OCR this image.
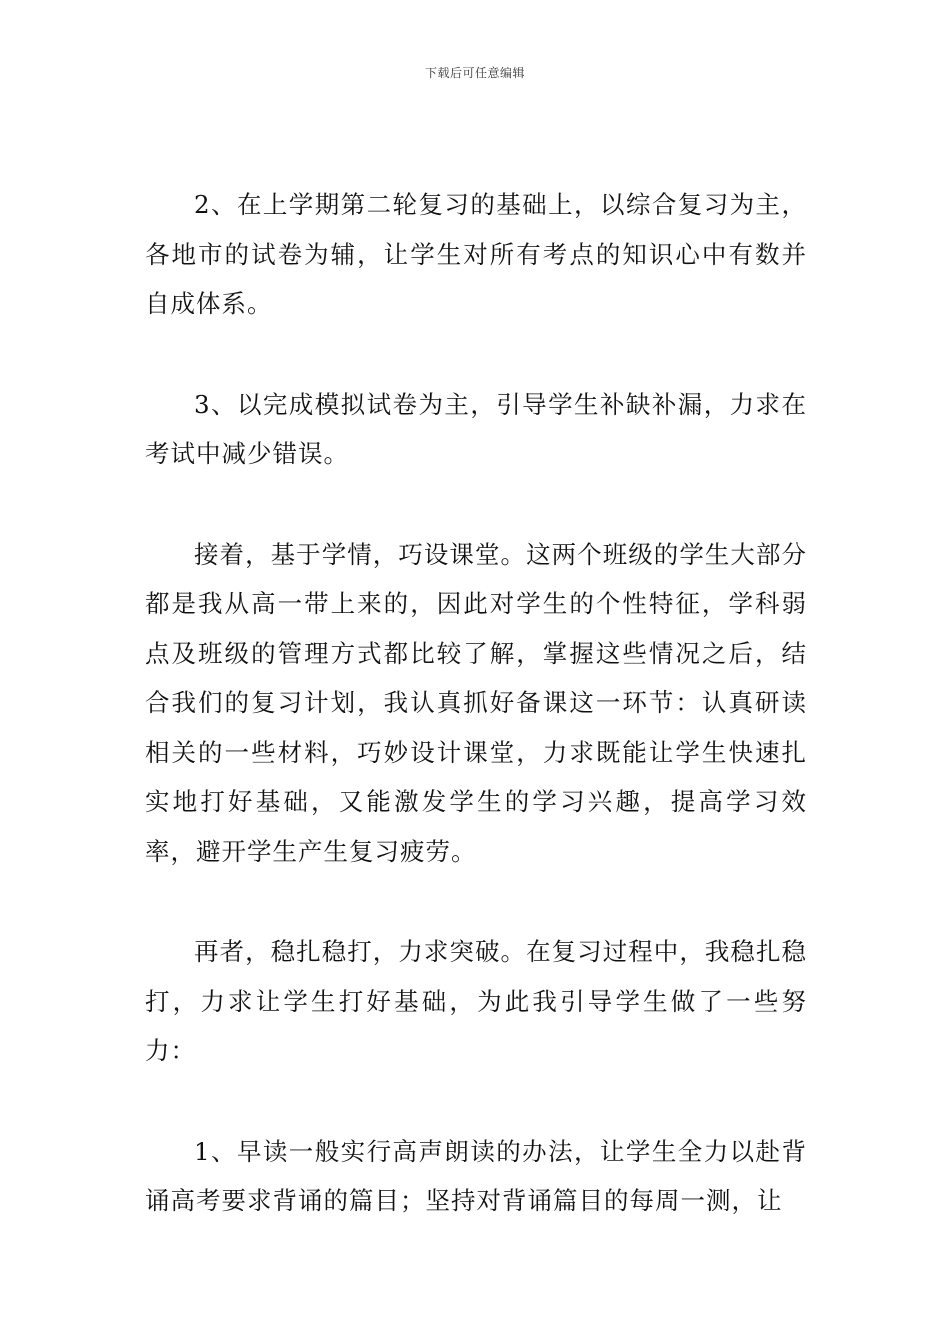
下载后可任意编辑

2、在上学期第二轮复习的基础上，以综合复习为主，各地市的试卷为辅，让学生对所有考点的知识心中有数并自成体系。

3、以完成模拟试卷为主，引导学生补缺补漏，力求在考试中减少错误。

接着，基于学情，巧设课堂。这两个班级的学生大部分都是我从高一带上来的，因此对学生的个性特征，学科弱点及班级的管理方式都比较了解，掌握这些情况之后，结合我们的复习计划，我认真抓好备课这一环节：认真研读相关的一些材料，巧妙设计课堂，力求既能让学生快速扎实地打好基础，又能激发学生的学习兴趣，提高学习效率，避开学生产生复习疲劳。

再者，稳扎稳打，力求突破。在复习过程中，我稳扎稳打，力求让学生打好基础，为此我引导学生做了一些努力：

1、早读一般实行高声朗读的办法，让学生全力以赴背诵高考要求背诵的篇目；坚持对背诵篇目的每周一测，让
